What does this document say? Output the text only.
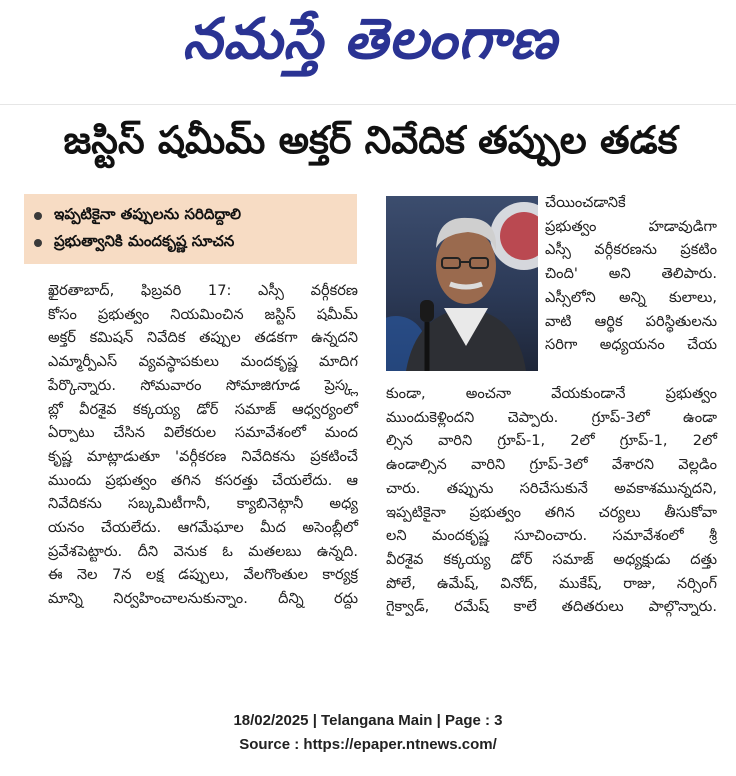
నమస్తే తెలంగాణ
జస్టిస్ షమీమ్ అక్తర్ నివేదిక తప్పుల తడక
ఇప్పటికైనా తప్పులను సరిదిద్దాలి
ప్రభుత్వానికి మందకృష్ణ సూచన

ఖైరతాబాద్, ఫిబ్రవరి 17: ఎస్సీ వర్గీకరణ

కోసం ప్రభుత్వం నియమించిన జస్టిస్ షమీమ్

అక్తర్ కమిషన్ నివేదిక తప్పుల తడకగా ఉన్నదని

ఎమ్మార్పీఎస్ వ్యవస్థాపకులు మందకృష్ణ మాదిగ

పేర్కొన్నారు. సోమవారం సోమాజిగూడ ప్రెస్క్ల

బ్లో వీరశైవ కక్కయ్య డోర్ సమాజ్ ఆధ్వర్యంలో

ఏర్పాటు చేసిన విలేకరుల సమావేశంలో మంద

కృష్ణ మాట్లాడుతూ 'వర్గీకరణ నివేదికను ప్రకటించే

ముందు ప్రభుత్వం తగిన కసరత్తు చేయలేదు. ఆ

నివేదికను సబ్కమిటీగానీ, క్యాబినెట్గానీ అధ్య

యనం చేయలేదు. ఆగమేఘాల మీద అసెంబ్లీలో

ప్రవేశపెట్టారు. దీని వెనుక ఓ మతలబు ఉన్నది.

ఈ నెల 7న లక్ష డప్పులు, వేలగొంతుల కార్యక్ర

మాన్ని నిర్వహించాలనుకున్నాం. దీన్ని రద్దు

చేయించడానికే

ప్రభుత్వం హడావుడిగా

ఎస్సీ వర్గీకరణను ప్రకటిం

చింది' అని తెలిపారు.

ఎస్సీలోని అన్ని కులాలు,

వాటి ఆర్థిక పరిస్థితులను

సరిగా అధ్యయనం చేయ

కుండా, అంచనా వేయకుండానే ప్రభుత్వం

ముందుకెళ్లిందని చెప్పారు. గ్రూప్-3లో ఉండా

ల్సిన వారిని గ్రూప్-1, 2లో గ్రూప్-1, 2లో

ఉండాల్సిన వారిని గ్రూప్-3లో వేశారని వెల్లడిం

చారు. తప్పును సరిచేసుకునే అవకాశమున్నదని,

ఇప్పటికైనా ప్రభుత్వం తగిన చర్యలు తీసుకోవా

లని మందకృష్ణ సూచించారు. సమావేశంలో శ్రీ

వీరశైవ కక్కయ్య డోర్ సమాజ్ అధ్యక్షుడు దత్తు

పోలే, ఉమేష్, వినోద్, ముకేష్, రాజు, నర్సింగ్

గైక్వాడ్, రమేష్ కాలే తదితరులు పాల్గొన్నారు.

18/02/2025 | Telangana Main | Page : 3
Source : https://epaper.ntnews.com/
